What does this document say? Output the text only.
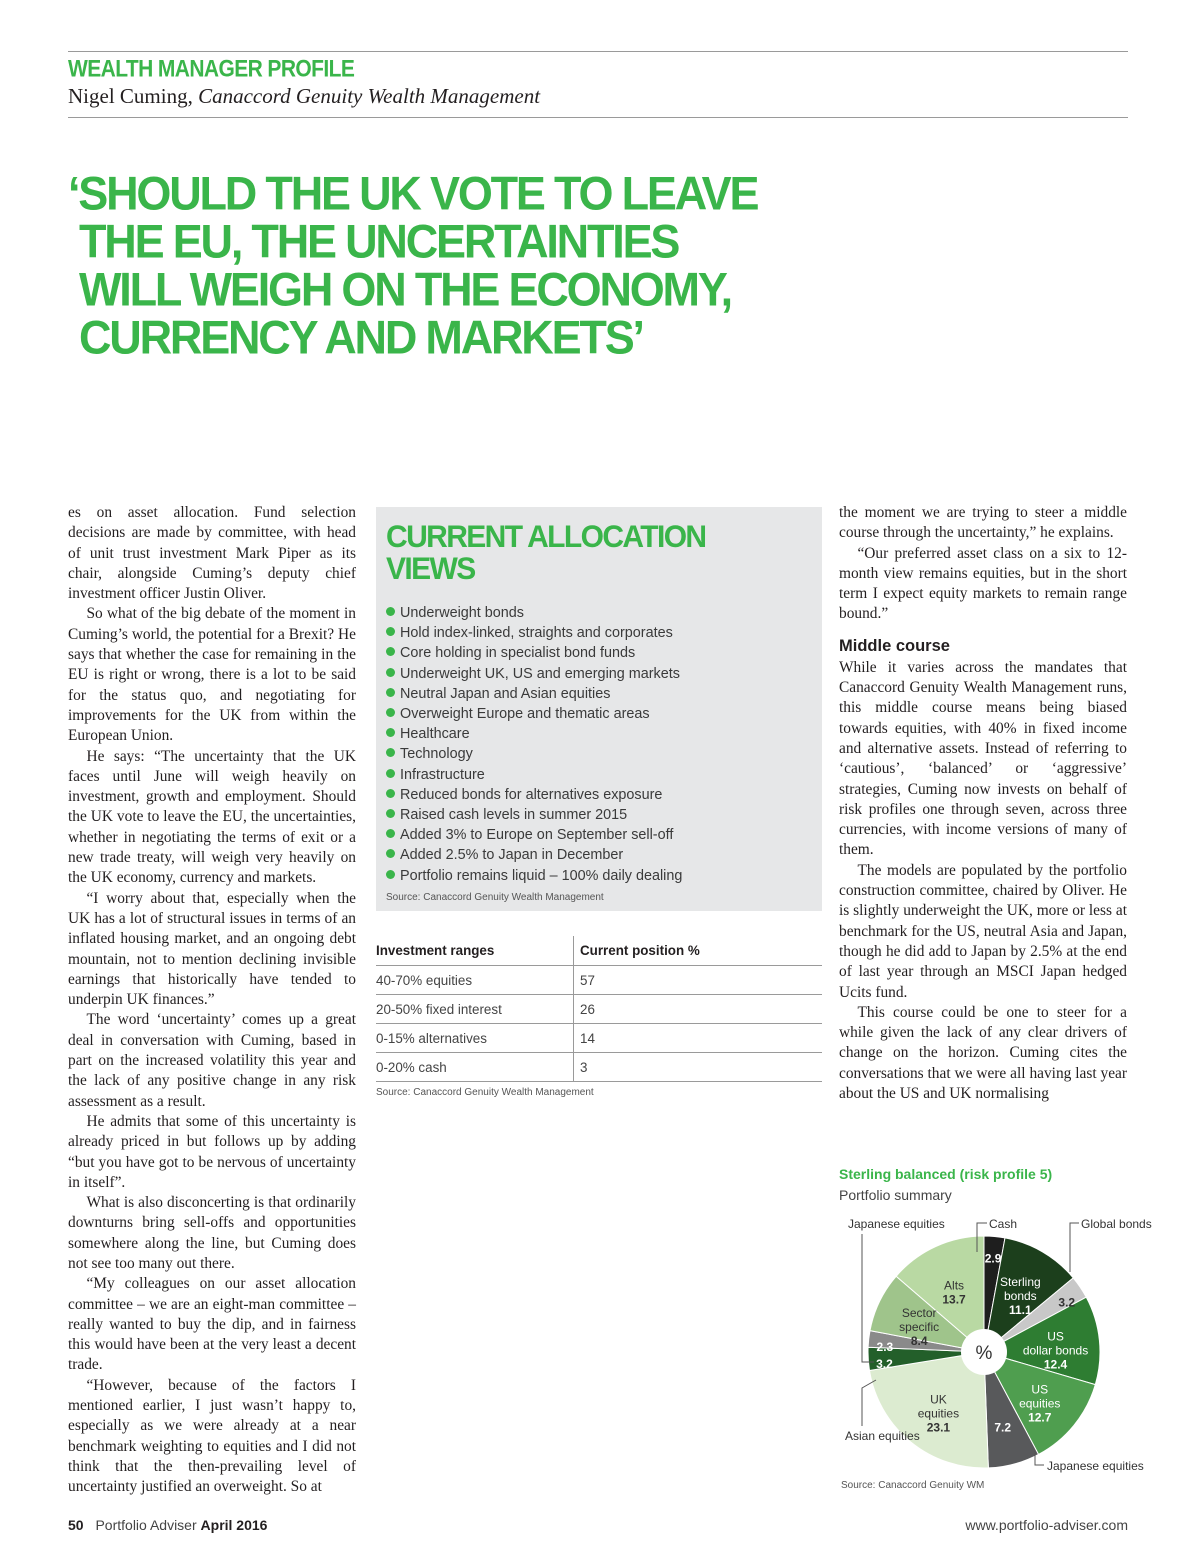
WEALTH MANAGER PROFILE
Nigel Cuming, Canaccord Genuity Wealth Management
‘SHOULD THE UK VOTE TO LEAVE
THE EU, THE UNCERTAINTIES
WILL WEIGH ON THE ECONOMY,
CURRENCY AND MARKETS’

es on asset allocation. Fund selection decisions are made by committee, with head of unit trust investment Mark Piper as its chair, alongside Cuming’s deputy chief investment officer Justin Oliver.

So what of the big debate of the moment in Cuming’s world, the potential for a Brexit? He says that whether the case for remaining in the EU is right or wrong, there is a lot to be said for the status quo, and negotiating for improvements for the UK from within the European Union.

He says: “The uncertainty that the UK faces until June will weigh heavily on investment, growth and employment. Should the UK vote to leave the EU, the uncertainties, whether in negotiating the terms of exit or a new trade treaty, will weigh very heavily on the UK economy, currency and markets.

“I worry about that, especially when the UK has a lot of structural issues in terms of an inflated housing market, and an ongoing debt mountain, not to mention declining invisible earnings that historically have tended to underpin UK finances.”

The word ‘uncertainty’ comes up a great deal in conversation with Cuming, based in part on the increased volatility this year and the lack of any positive change in any risk assessment as a result.

He admits that some of this uncertainty is already priced in but follows up by adding “but you have got to be nervous of uncertainty in itself”.

What is also disconcerting is that ordinarily downturns bring sell-offs and opportunities somewhere along the line, but Cuming does not see too many out there.

“My colleagues on our asset allocation committee – we are an eight-man committee – really wanted to buy the dip, and in fairness this would have been at the very least a decent trade.

“However, because of the factors I mentioned earlier, I just wasn’t happy to, especially as we were already at a near benchmark weighting to equities and I did not think that the then-prevailing level of uncertainty justified an overweight. So at

CURRENT ALLOCATION
VIEWS
Underweight bonds
Hold index-linked, straights and corporates
Core holding in specialist bond funds
Underweight UK, US and emerging markets
Neutral Japan and Asian equities
Overweight Europe and thematic areas
Healthcare
Technology
Infrastructure
Reduced bonds for alternatives exposure
Raised cash levels in summer 2015
Added 3% to Europe on September sell-off
Added 2.5% to Japan in December
Portfolio remains liquid – 100% daily dealing
Source: Canaccord Genuity Wealth Management
Investment ranges	Current position %
40-70% equities	57
20-50% fixed interest	26
0-15% alternatives	14
0-20% cash	3
Source: Canaccord Genuity Wealth Management

the moment we are trying to steer a middle course through the uncertainty,” he explains.

“Our preferred asset class on a six to 12-month view remains equities, but in the short term I expect equity markets to remain range bound.”

Middle course

While it varies across the mandates that Canaccord Genuity Wealth Management runs, this middle course means being biased towards equities, with 40% in fixed income and alternative assets. Instead of referring to ‘cautious’, ‘balanced’ or ‘aggressive’ strategies, Cuming now invests on behalf of risk profiles one through seven, across three currencies, with income versions of many of them.

The models are populated by the portfolio construction committee, chaired by Oliver. He is slightly underweight the UK, more or less at benchmark for the US, neutral Asia and Japan, though he did add to Japan by 2.5% at the end of last year through an MSCI Japan hedged Ucits fund.

This course could be one to steer for a while given the lack of any clear drivers of change on the horizon. Cuming cites the conversations that we were all having last year about the US and UK normalising

Sterling balanced (risk profile 5)
Portfolio summary
2.9
Sterling bonds 11.1
3.2
US dollar bonds 12.4
US equities 12.7
7.2
UK equities 23.1
3.2
2.3
Sector specific 8.4
Alts 13.7
%
Cash	Global bonds
Japanese equities
Asian equities
Japanese equities
Source: Canaccord Genuity WM
50 Portfolio Adviser April 2016	www.portfolio-adviser.com
